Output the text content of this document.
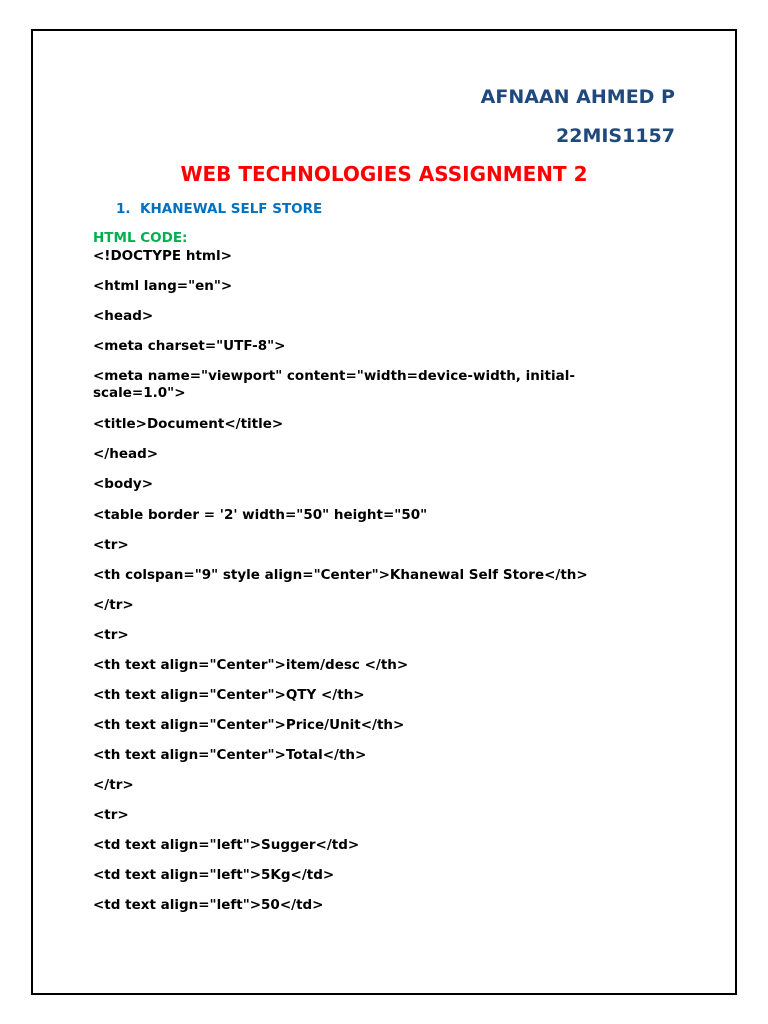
AFNAAN AHMED P
22MIS1157
WEB TECHNOLOGIES ASSIGNMENT 2
1. KHANEWAL SELF STORE
HTML CODE:
<!DOCTYPE html>
<html lang="en">
<head>
<meta charset="UTF-8">
<meta name="viewport" content="width=device-width, initial-scale=1.0">
<title>Document</title>
</head>
<body>
<table border = '2' width="50" height="50"
<tr>
<th colspan="9" style align="Center">Khanewal Self Store</th>
</tr>
<tr>
<th text align="Center">item/desc </th>
<th text align="Center">QTY </th>
<th text align="Center">Price/Unit</th>
<th text align="Center">Total</th>
</tr>
<tr>
<td text align="left">Sugger</td>
<td text align="left">5Kg</td>
<td text align="left">50</td>
